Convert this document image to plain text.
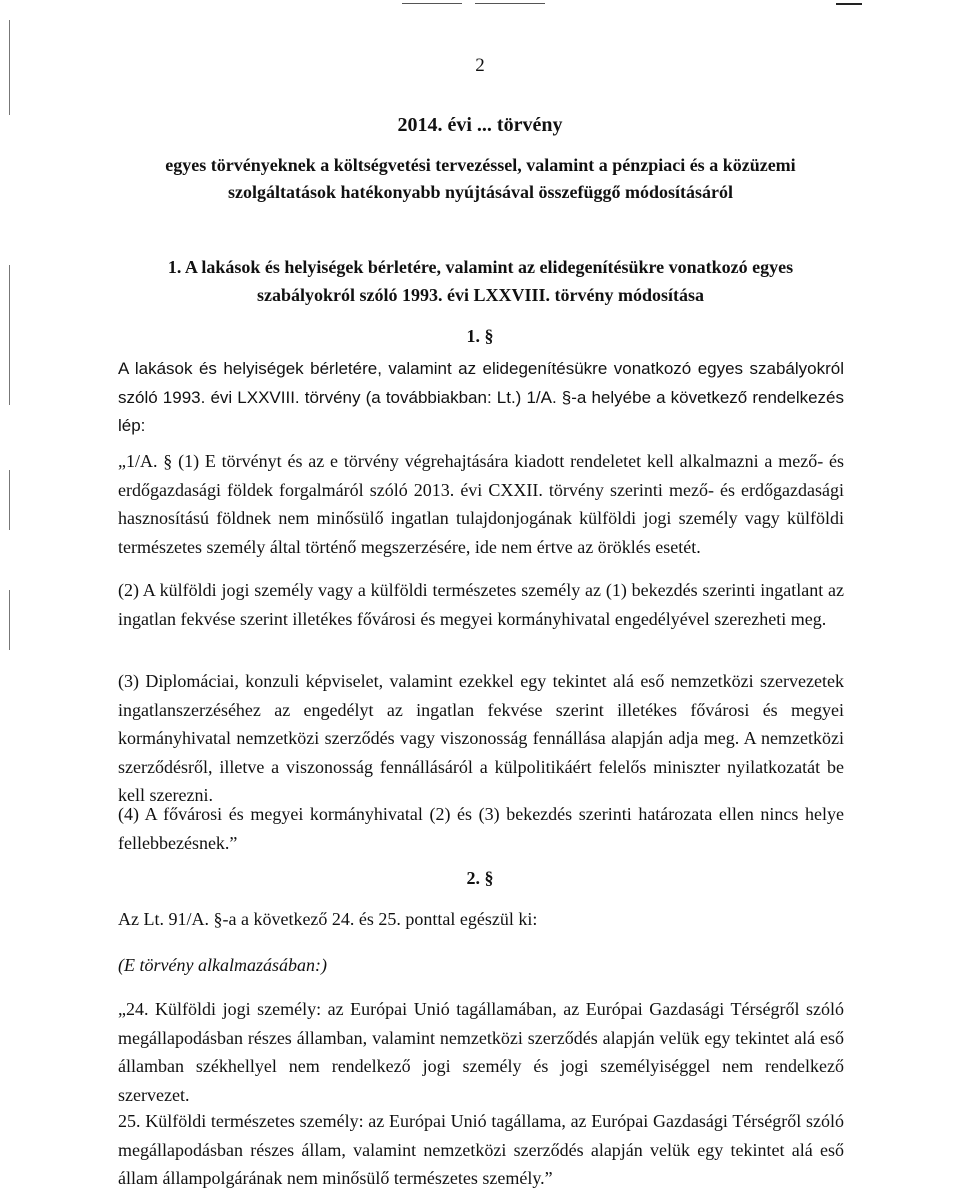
2
2014. évi ... törvény
egyes törvényeknek a költségvetési tervezéssel, valamint a pénzpiaci és a közüzemi szolgáltatások hatékonyabb nyújtásával összefüggő módosításáról
1. A lakások és helyiségek bérletére, valamint az elidegenítésükre vonatkozó egyes szabályokról szóló 1993. évi LXXVIII. törvény módosítása
1. §

A lakások és helyiségek bérletére, valamint az elidegenítésükre vonatkozó egyes szabályokról szóló 1993. évi LXXVIII. törvény (a továbbiakban: Lt.) 1/A. §-a helyébe a következő rendelkezés lép:

„1/A. § (1) E törvényt és az e törvény végrehajtására kiadott rendeletet kell alkalmazni a mező- és erdőgazdasági földek forgalmáról szóló 2013. évi CXXII. törvény szerinti mező- és erdőgazdasági hasznosítású földnek nem minősülő ingatlan tulajdonjogának külföldi jogi személy vagy külföldi természetes személy által történő megszerzésére, ide nem értve az öröklés esetét.

(2) A külföldi jogi személy vagy a külföldi természetes személy az (1) bekezdés szerinti ingatlant az ingatlan fekvése szerint illetékes fővárosi és megyei kormányhivatal engedélyével szerezheti meg.

(3) Diplomáciai, konzuli képviselet, valamint ezekkel egy tekintet alá eső nemzetközi szervezetek ingatlanszerzéséhez az engedélyt az ingatlan fekvése szerint illetékes fővárosi és megyei kormányhivatal nemzetközi szerződés vagy viszonosság fennállása alapján adja meg. A nemzetközi szerződésről, illetve a viszonosság fennállásáról a külpolitikáért felelős miniszter nyilatkozatát be kell szerezni.

(4) A fővárosi és megyei kormányhivatal (2) és (3) bekezdés szerinti határozata ellen nincs helye fellebbezésnek.”

2. §

Az Lt. 91/A. §-a a következő 24. és 25. ponttal egészül ki:

(E törvény alkalmazásában:)

„24. Külföldi jogi személy: az Európai Unió tagállamában, az Európai Gazdasági Térségről szóló megállapodásban részes államban, valamint nemzetközi szerződés alapján velük egy tekintet alá eső államban székhellyel nem rendelkező jogi személy és jogi személyiséggel nem rendelkező szervezet.

25. Külföldi természetes személy: az Európai Unió tagállama, az Európai Gazdasági Térségről szóló megállapodásban részes állam, valamint nemzetközi szerződés alapján velük egy tekintet alá eső állam állampolgárának nem minősülő természetes személy.”
